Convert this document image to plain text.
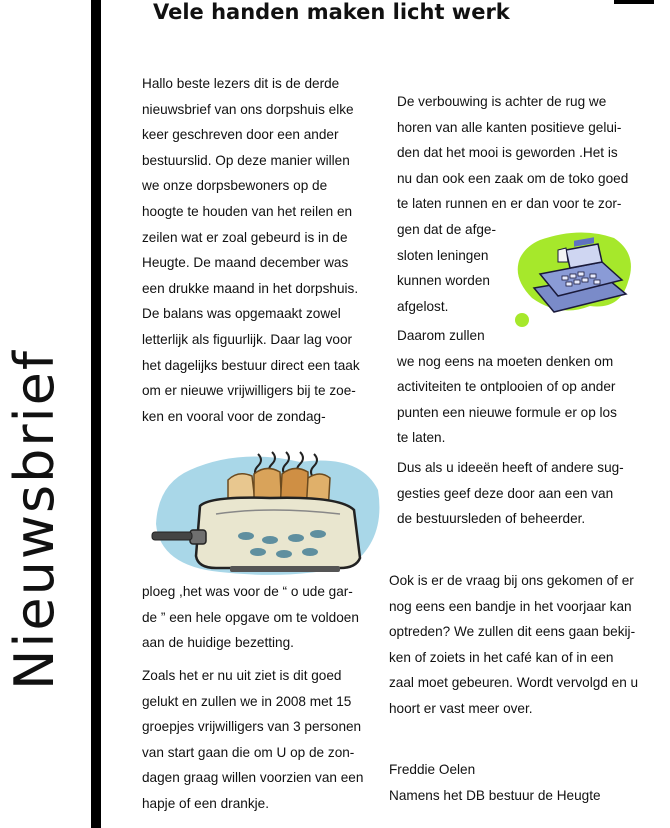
Nieuwsbrief
Vele handen maken licht werk
Hallo beste lezers dit is de derde
nieuwsbrief van ons dorpshuis elke
keer geschreven door een ander
bestuurslid. Op deze manier willen
we onze dorpsbewoners op de
hoogte te houden van het reilen en
zeilen wat er zoal gebeurd is in de
Heugte. De maand december was
een drukke maand in het dorpshuis.
De balans was opgemaakt zowel
letterlijk als figuurlijk. Daar lag voor
het dagelijks bestuur direct een taak
om er nieuwe vrijwilligers bij te zoe-
ken en vooral voor de zondag-
ploeg ,het was voor de “ o ude gar-
de ” een hele opgave om te voldoen
aan de huidige bezetting.
Zoals het er nu uit ziet is dit goed
gelukt en zullen we in 2008 met 15
groepjes vrijwilligers van 3 personen
van start gaan die om U op de zon-
dagen graag willen voorzien van een
hapje of een drankje.
De verbouwing is achter de rug we
horen van alle kanten positieve gelui-
den dat het mooi is geworden .Het is
nu dan ook een zaak om de toko goed
te laten runnen en er dan voor te zor-
gen dat de afge-
sloten leningen
kunnen worden
afgelost.
Daarom zullen
we nog eens na moeten denken om
activiteiten te ontplooien of op ander
punten een nieuwe formule er op los
te laten.
Dus als u ideeën heeft of andere sug-
gesties geef deze door aan een van
de bestuursleden of beheerder.
Ook is er de vraag bij ons gekomen of er
nog eens een bandje in het voorjaar kan
optreden? We zullen dit eens gaan bekij-
ken of zoiets in het café kan of in een
zaal moet gebeuren. Wordt vervolgd en u
hoort er vast meer over.
Freddie Oelen
Namens het DB bestuur de Heugte
